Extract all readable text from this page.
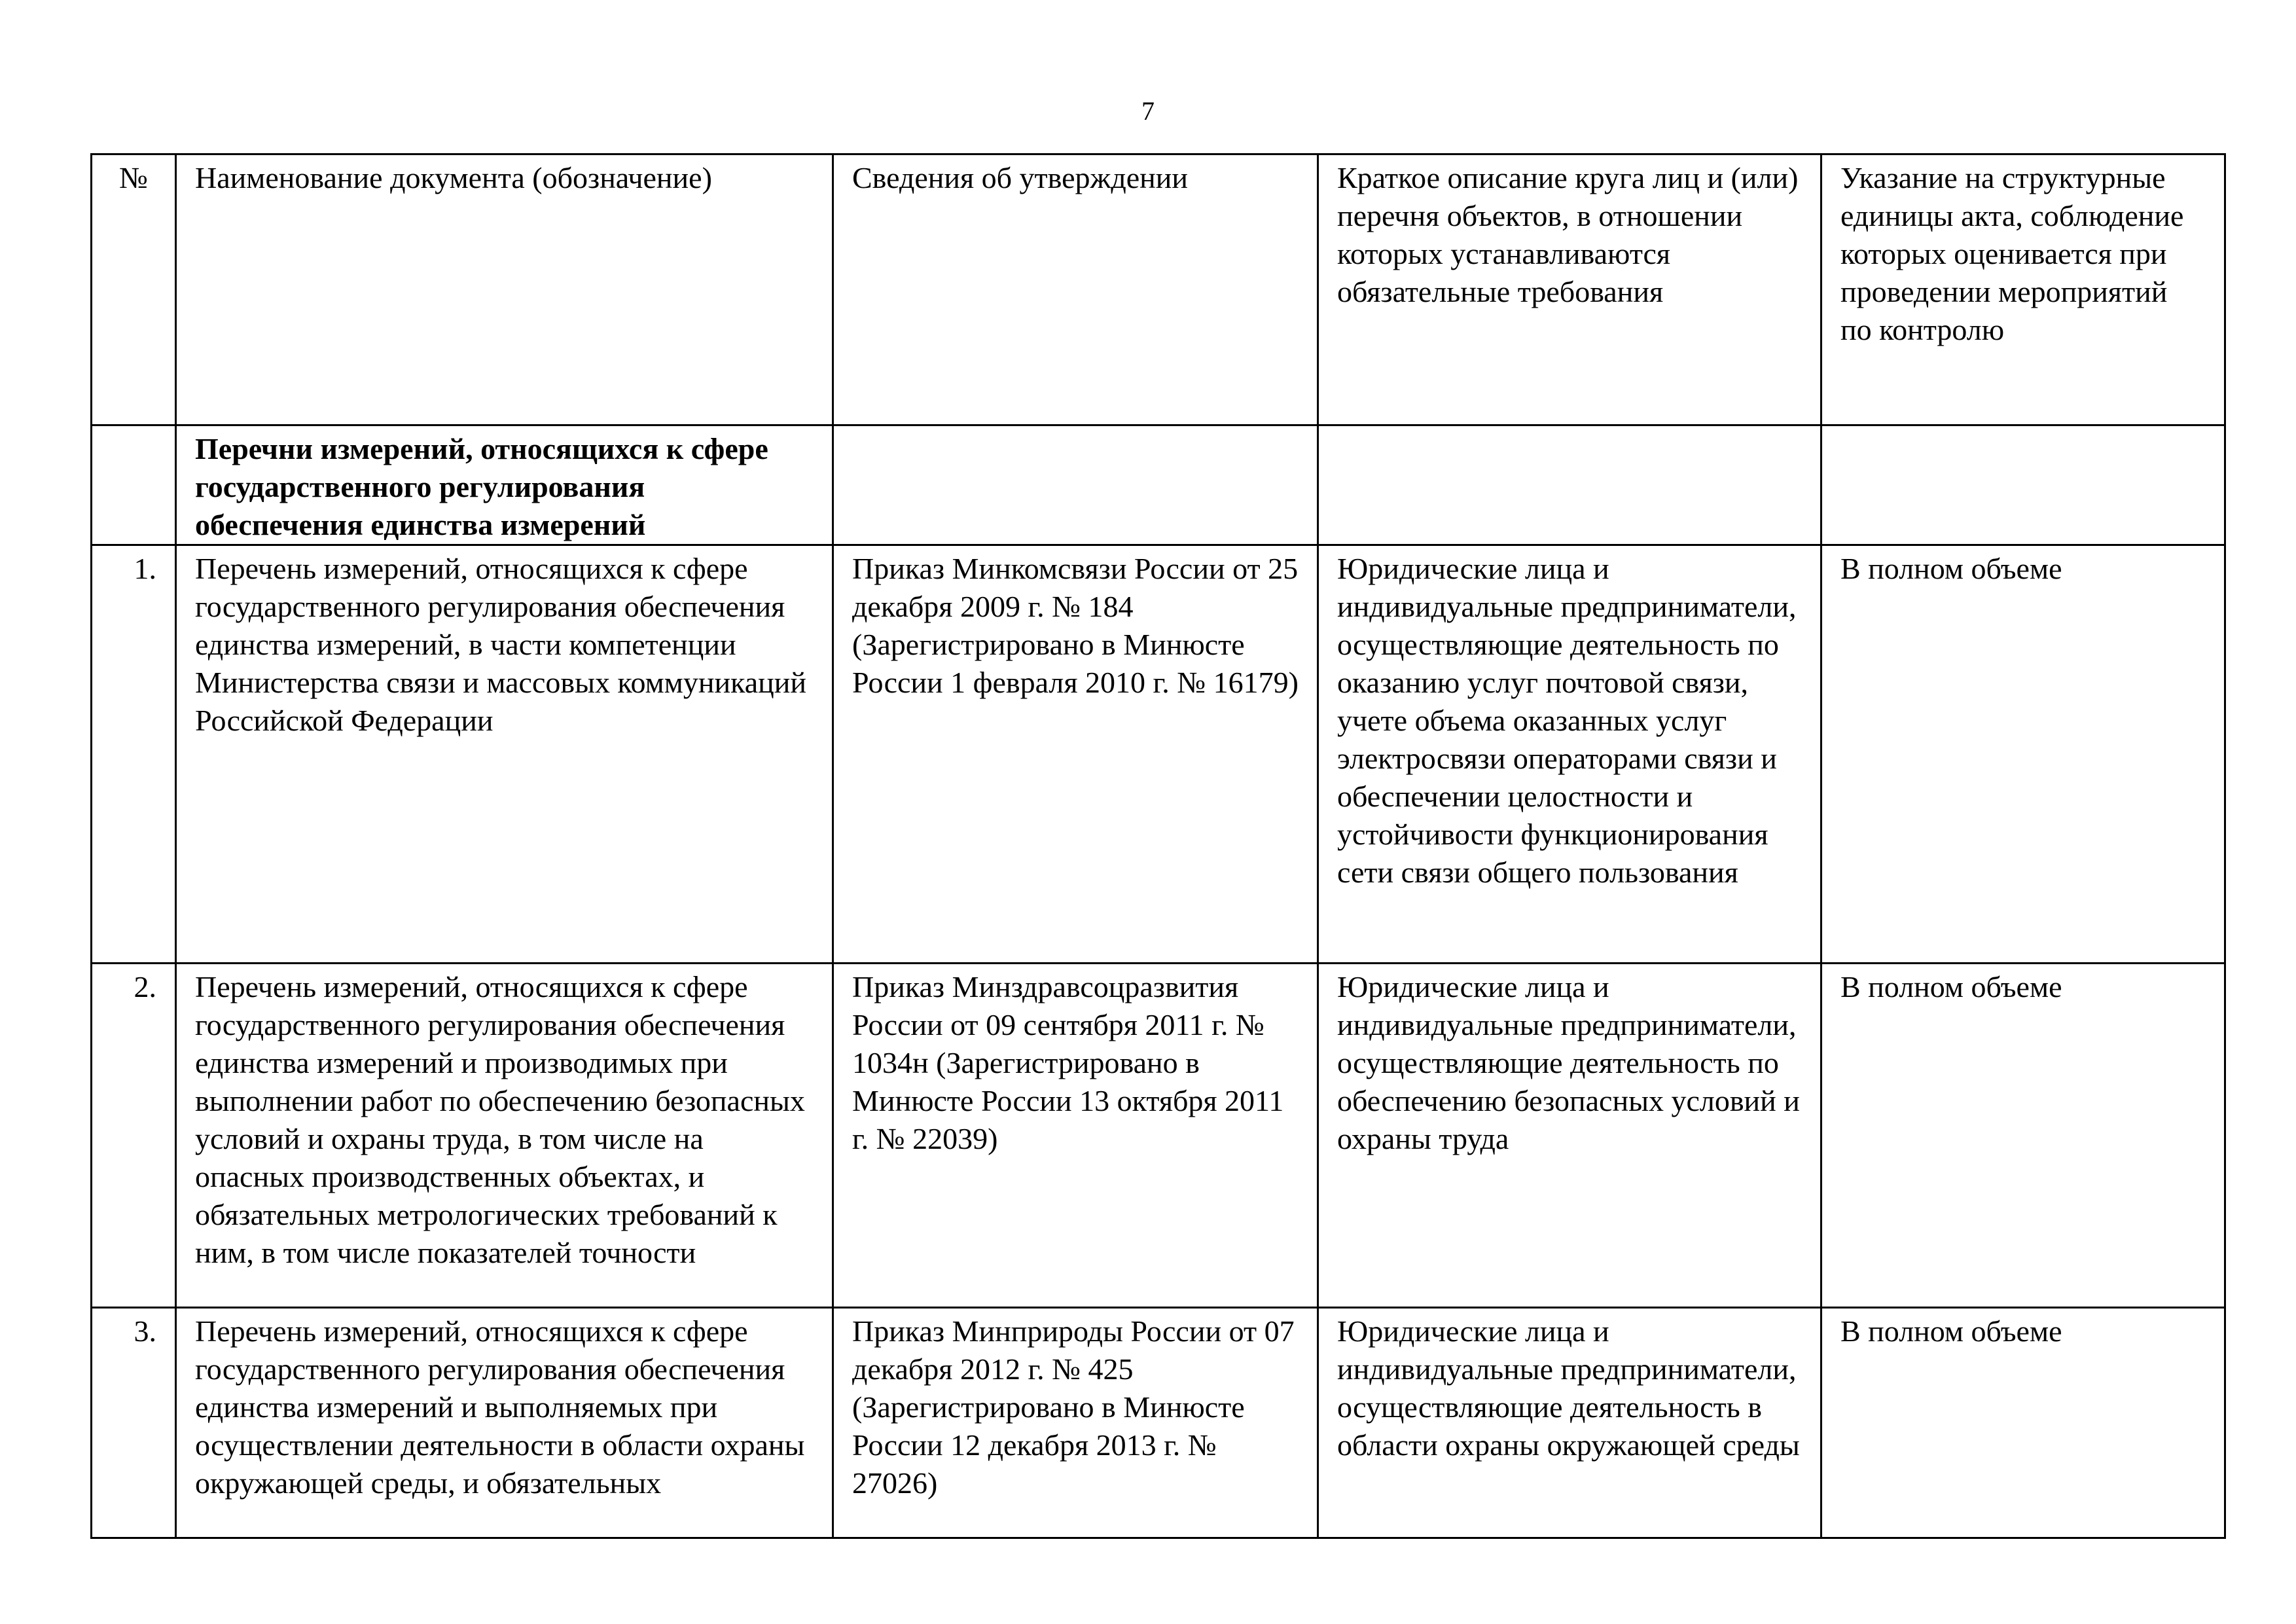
7
№	Наименование документа (обозначение)	Сведения об утверждении	Краткое описание круга лиц и (или) перечня объектов, в отношении которых устанавливаются обязательные требования	Указание на структурные единицы акта, соблюдение которых оценивается при проведении мероприятий по контролю
	Перечни измерений, относящихся к сфере государственного регулирования обеспечения единства измерений			
1.	Перечень измерений, относящихся к сфере государственного регулирования обеспечения единства измерений, в части компетенции Министерства связи и массовых коммуникаций Российской Федерации	Приказ Минкомсвязи России от 25 декабря 2009 г. № 184 (Зарегистрировано в Минюсте России 1 февраля 2010 г. № 16179)	Юридические лица и индивидуальные предприниматели, осуществляющие деятельность по оказанию услуг почтовой связи, учете объема оказанных услуг электросвязи операторами связи и обеспечении целостности и устойчивости функционирования сети связи общего пользования	В полном объеме
2.	Перечень измерений, относящихся к сфере государственного регулирования обеспечения единства измерений и производимых при выполнении работ по обеспечению безопасных условий и охраны труда, в том числе на опасных производственных объектах, и обязательных метрологических требований к ним, в том числе показателей точности	Приказ Минздравсоцразвития России от 09 сентября 2011 г. № 1034н (Зарегистрировано в Минюсте России 13 октября 2011 г. № 22039)	Юридические лица и индивидуальные предприниматели, осуществляющие деятельность по обеспечению безопасных условий и охраны труда	В полном объеме
3.	Перечень измерений, относящихся к сфере государственного регулирования обеспечения единства измерений и выполняемых при осуществлении деятельности в области охраны окружающей среды, и обязательных	Приказ Минприроды России от 07 декабря 2012 г. № 425 (Зарегистрировано в Минюсте России 12 декабря 2013 г. № 27026)	Юридические лица и индивидуальные предприниматели, осуществляющие деятельность в области охраны окружающей среды	В полном объеме
